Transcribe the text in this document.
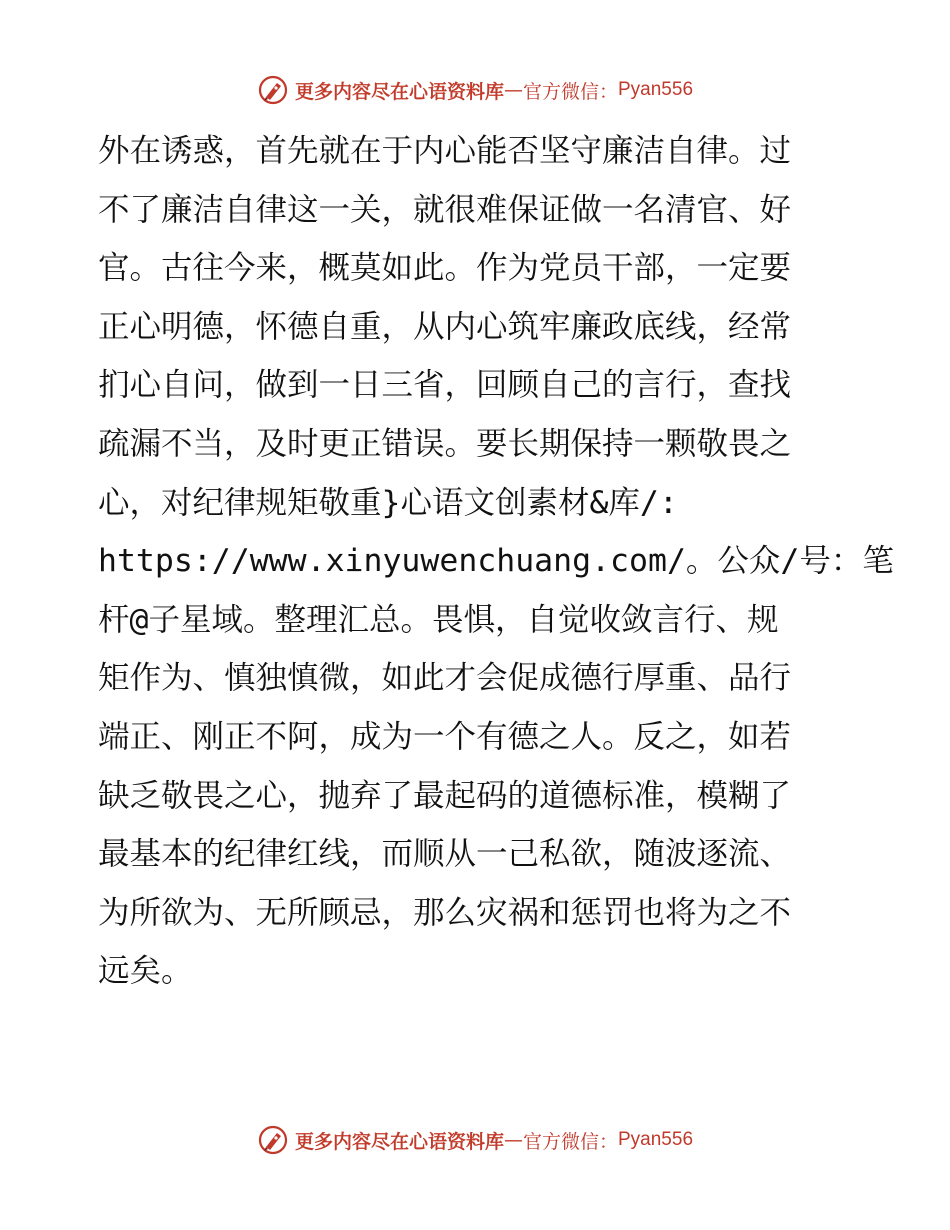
更多内容尽在心语资料库 — 官方微信： Pyan556
外在诱惑，首先就在于内心能否坚守廉洁自律。过
不了廉洁自律这一关，就很难保证做一名清官、好
官。古往今来，概莫如此。作为党员干部，一定要
正心明德，怀德自重，从内心筑牢廉政底线，经常
扪心自问，做到一日三省，回顾自己的言行，查找
疏漏不当，及时更正错误。要长期保持一颗敬畏之
心，对纪律规矩敬重}心语文创素材&库/:
https://www.xinyuwenchuang.com/。公众/号：笔
杆@子星域。整理汇总。畏惧，自觉收敛言行、规
矩作为、慎独慎微，如此才会促成德行厚重、品行
端正、刚正不阿，成为一个有德之人。反之，如若
缺乏敬畏之心，抛弃了最起码的道德标准，模糊了
最基本的纪律红线，而顺从一己私欲，随波逐流、
为所欲为、无所顾忌，那么灾祸和惩罚也将为之不
远矣。
更多内容尽在心语资料库 — 官方微信： Pyan556
